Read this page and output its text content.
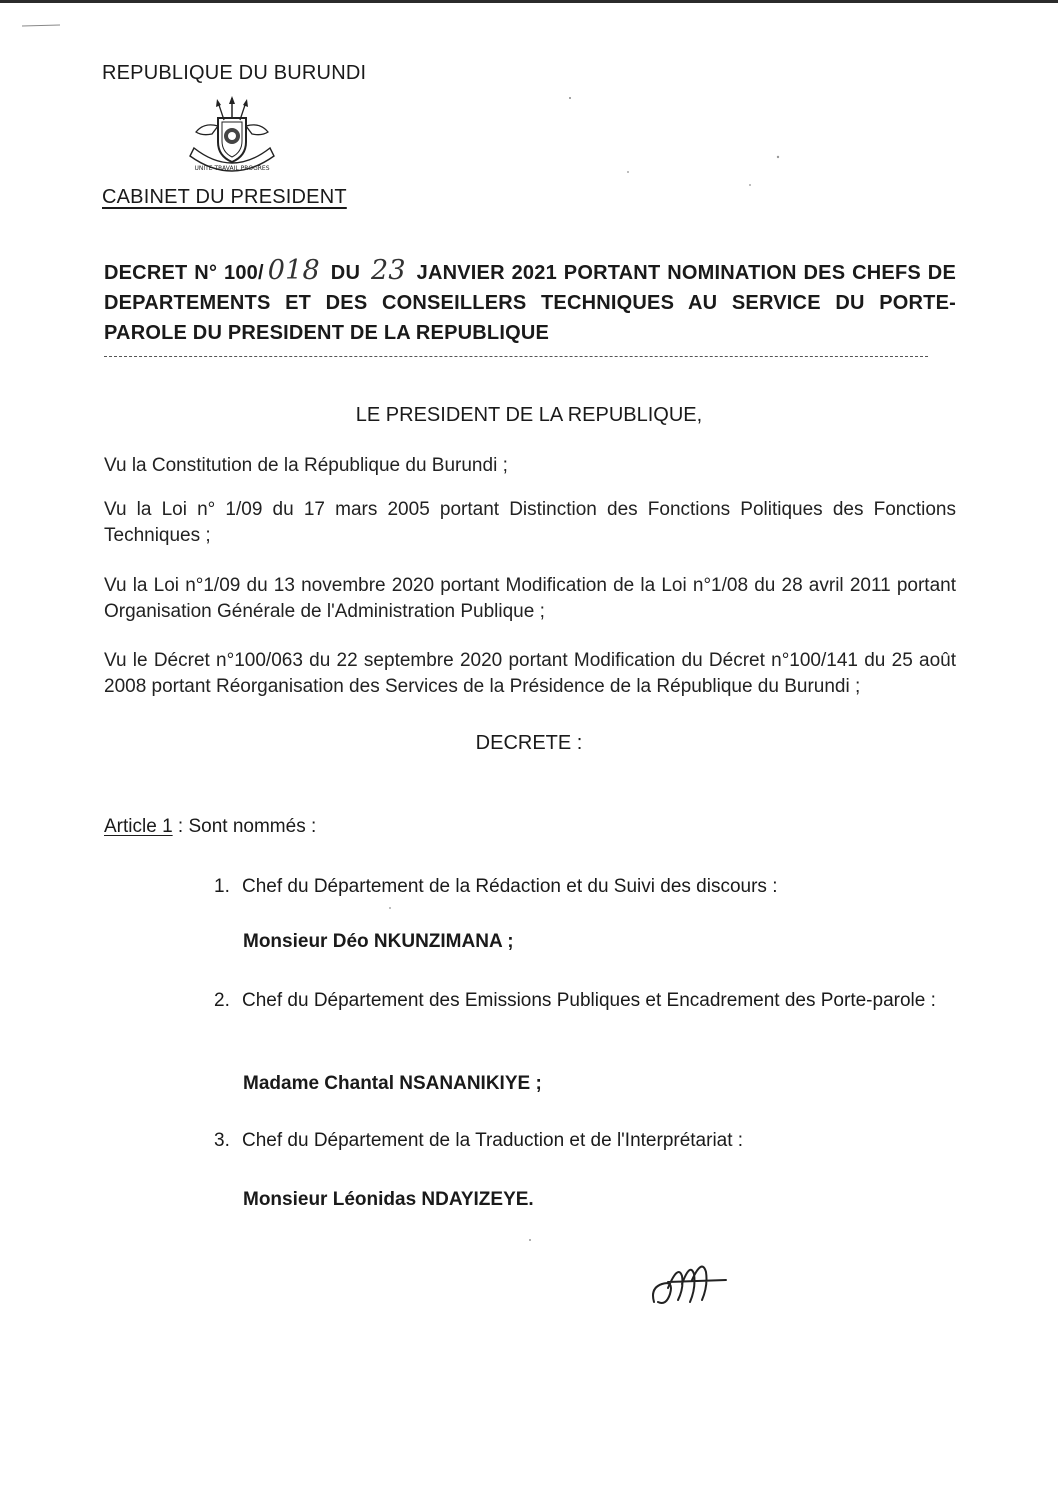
REPUBLIQUE DU BURUNDI
UNITE TRAVAIL PROGRES
CABINET DU PRESIDENT
DECRET N° 100/ 018 DU 23 JANVIER 2021 PORTANT NOMINATION DES CHEFS DE DEPARTEMENTS ET DES CONSEILLERS TECHNIQUES AU SERVICE DU PORTE-PAROLE DU PRESIDENT DE LA REPUBLIQUE
LE PRESIDENT DE LA REPUBLIQUE,
Vu la Constitution de la République du Burundi ;
Vu la Loi n° 1/09 du 17 mars 2005 portant Distinction des Fonctions Politiques des Fonctions Techniques ;
Vu la Loi n°1/09 du 13 novembre 2020 portant Modification de la Loi n°1/08 du 28 avril 2011 portant Organisation Générale de l'Administration Publique ;
Vu le Décret n°100/063 du 22 septembre 2020 portant Modification du Décret n°100/141 du 25 août 2008 portant Réorganisation des Services de la Présidence de la République du Burundi ;
DECRETE :
Article 1 : Sont nommés :
1. Chef du Département de la Rédaction et du Suivi des discours :
Monsieur Déo NKUNZIMANA ;
2. Chef du Département des Emissions Publiques et Encadrement des Porte-parole :
Madame Chantal NSANANIKIYE ;
3. Chef du Département de la Traduction et de l'Interprétariat :
Monsieur Léonidas NDAYIZEYE.
